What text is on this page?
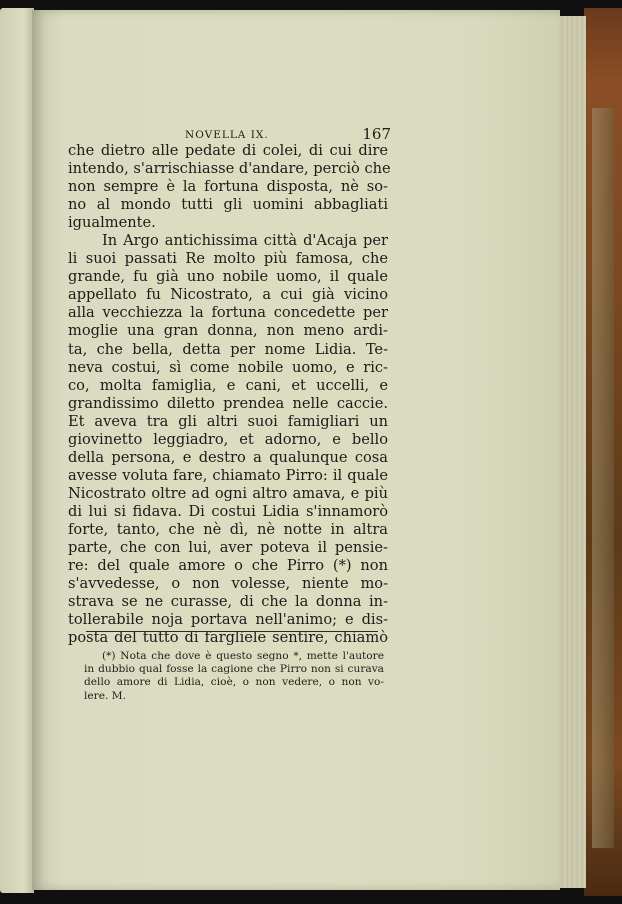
NOVELLA IX.	167
che dietro alle pedate di colei, di cui dire
intendo, s'arrischiasse d'andare, perciò che
non sempre è la fortuna disposta, nè so-
no al mondo tutti gli uomini abbagliati
igualmente.
In Argo antichissima città d'Acaja per
li suoi passati Re molto più famosa, che
grande, fu già uno nobile uomo, il quale
appellato fu Nicostrato, a cui già vicino
alla vecchiezza la fortuna concedette per
moglie una gran donna, non meno ardi-
ta, che bella, detta per nome Lidia. Te-
neva costui, sì come nobile uomo, e ric-
co, molta famiglia, e cani, et uccelli, e
grandissimo diletto prendea nelle caccie.
Et aveva tra gli altri suoi famigliari un
giovinetto leggiadro, et adorno, e bello
della persona, e destro a qualunque cosa
avesse voluta fare, chiamato Pirro: il quale
Nicostrato oltre ad ogni altro amava, e più
di lui si fidava. Di costui Lidia s'innamorò
forte, tanto, che nè dì, nè notte in altra
parte, che con lui, aver poteva il pensie-
re: del quale amore o che Pirro (*) non
s'avvedesse, o non volesse, niente mo-
strava se ne curasse, di che la donna in-
tollerabile noja portava nell'animo; e dis-
posta del tutto di fargliele sentire, chiamò
(*) Nota che dove è questo segno *, mette l'autore
in dubbio qual fosse la cagione che Pirro non si curava
dello amore di Lidia, cioè, o non vedere, o non vo-
lere. M.
